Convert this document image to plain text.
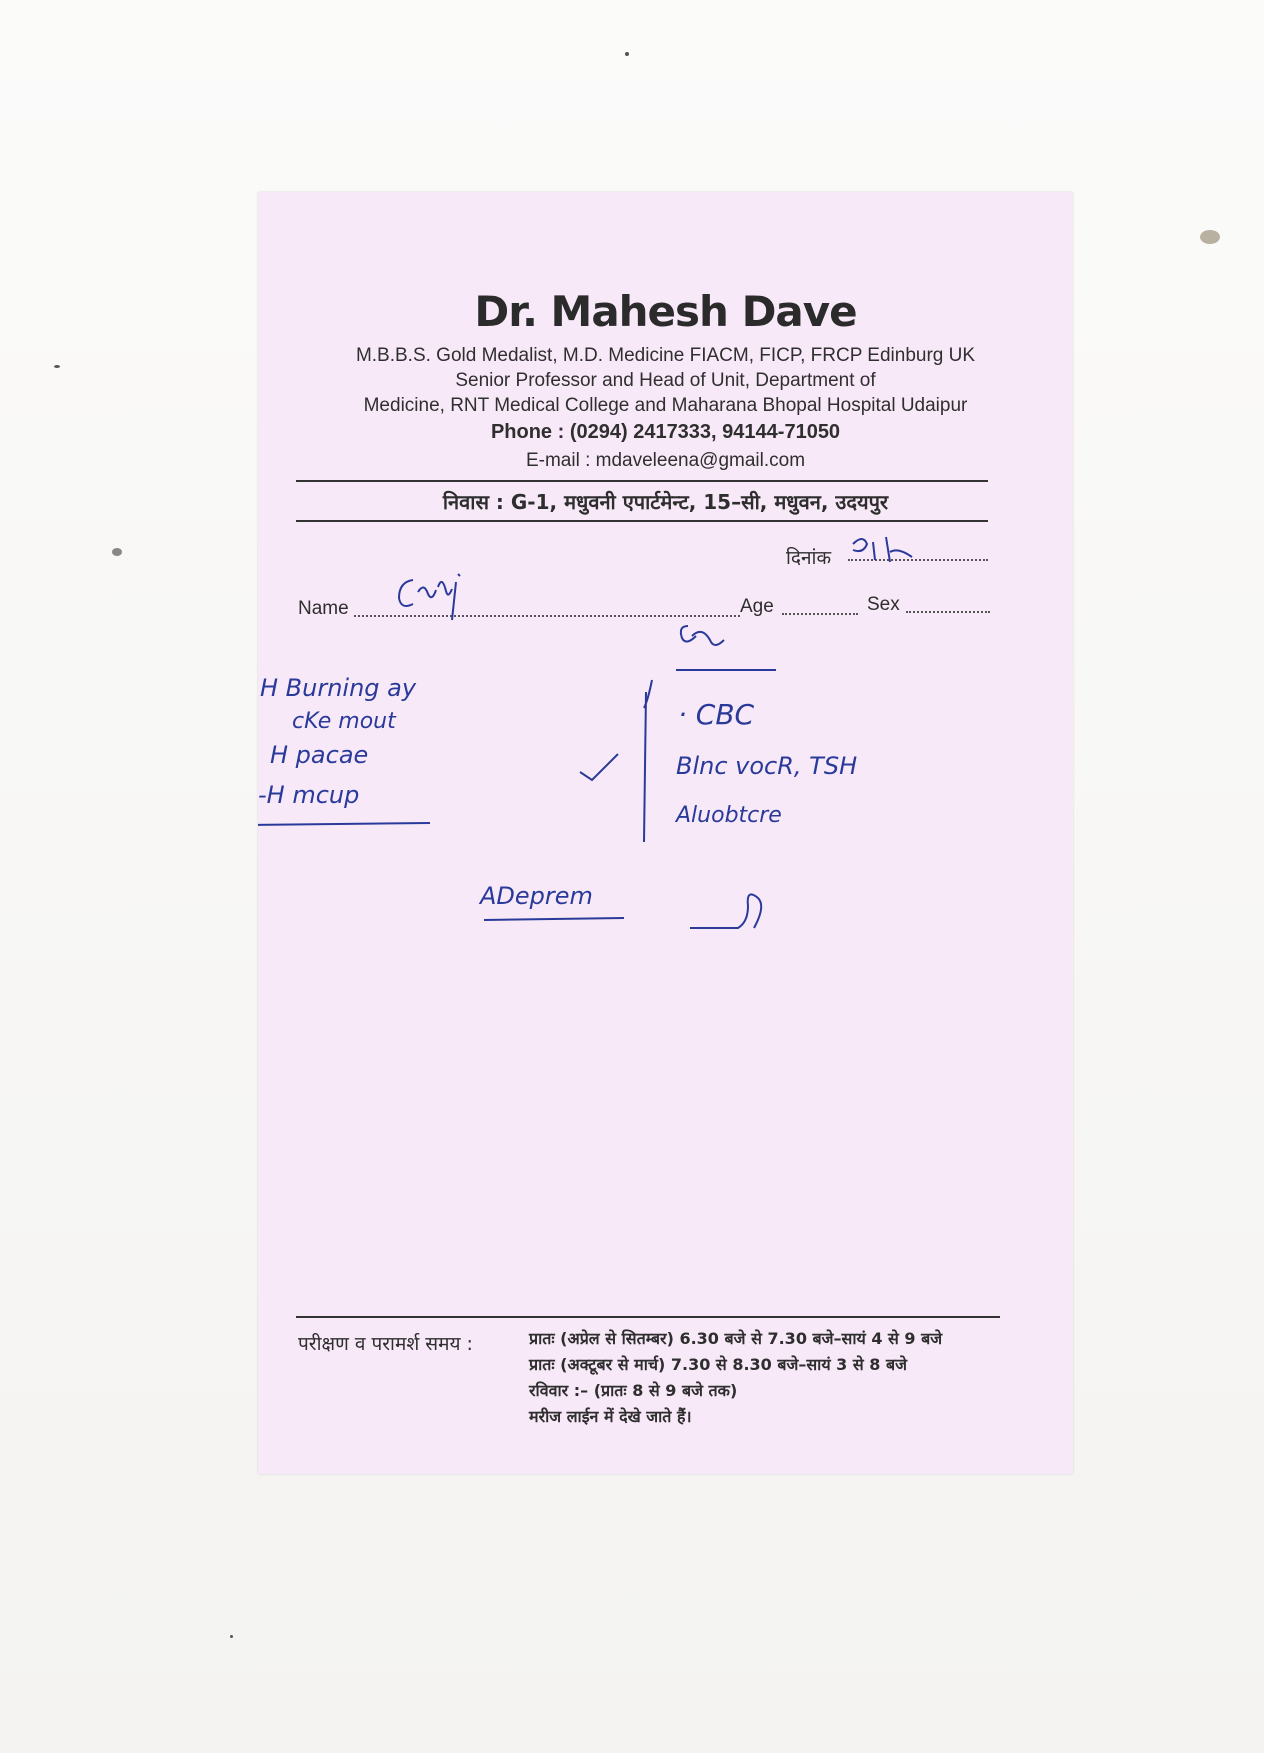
Dr. Mahesh Dave
M.B.B.S. Gold Medalist, M.D. Medicine FIACM, FICP, FRCP Edinburg UK
Senior Professor and Head of Unit, Department of
Medicine, RNT Medical College and Maharana Bhopal Hospital Udaipur
Phone : (0294) 2417333, 94144-71050
E-mail : mdaveleena@gmail.com
निवास : G-1, मधुवनी एपार्टमेन्ट, 15–सी, मधुवन, उदयपुर
दिनांक
Name	Age	Sex
H Burning ay
cKe mout
H pacae
-H mcup
· CBC
Blnc vocR, TSH
Aluobtcre
ADeprem
परीक्षण व परामर्श समय :	प्रातः (अप्रेल से सितम्बर) 6.30 बजे से 7.30 बजे–सायं 4 से 9 बजे
प्रातः (अक्टूबर से मार्च) 7.30 से 8.30 बजे–सायं 3 से 8 बजे
रविवार :– (प्रातः 8 से 9 बजे तक)
मरीज लाईन में देखे जाते हैं।
